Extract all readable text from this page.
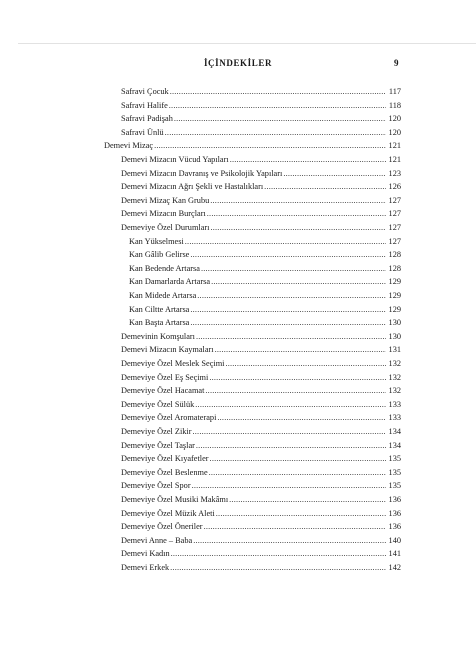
İÇİNDEKİLER	9
Safravi Çocuk .....	117
Safravi Halife .....	118
Safravi Padişah .....	120
Safravi Ünlü .....	120
Demevi Mizaç .....	121
Demevi Mizacın Vücud Yapıları .....	121
Demevi Mizacın Davranış ve Psikolojik Yapıları .....	123
Demevi Mizacın Ağrı Şekli ve Hastalıkları .....	126
Demevi Mizaç Kan Grubu .....	127
Demevi Mizacın Burçları .....	127
Demeviye Özel Durumları .....	127
Kan Yükselmesi .....	127
Kan Gâlib Gelirse .....	128
Kan Bedende Artarsa .....	128
Kan Damarlarda Artarsa .....	129
Kan Midede Artarsa .....	129
Kan Ciltte Artarsa .....	129
Kan Başta Artarsa .....	130
Demevinin Komşuları .....	130
Demevi Mizacın Kaymaları .....	131
Demeviye Özel Meslek Seçimi .....	132
Demeviye Özel Eş Seçimi .....	132
Demeviye Özel Hacamat .....	132
Demeviye Özel Sülük .....	133
Demeviye Özel Aromaterapi .....	133
Demeviye Özel Zikir .....	134
Demeviye Özel Taşlar .....	134
Demeviye Özel Kıyafetler .....	135
Demeviye Özel Beslenme .....	135
Demeviye Özel Spor .....	135
Demeviye Özel Musiki Makâmı .....	136
Demeviye Özel Müzik Aleti .....	136
Demeviye Özel Öneriler .....	136
Demevi Anne – Baba .....	140
Demevi Kadın .....	141
Demevi Erkek .....	142
